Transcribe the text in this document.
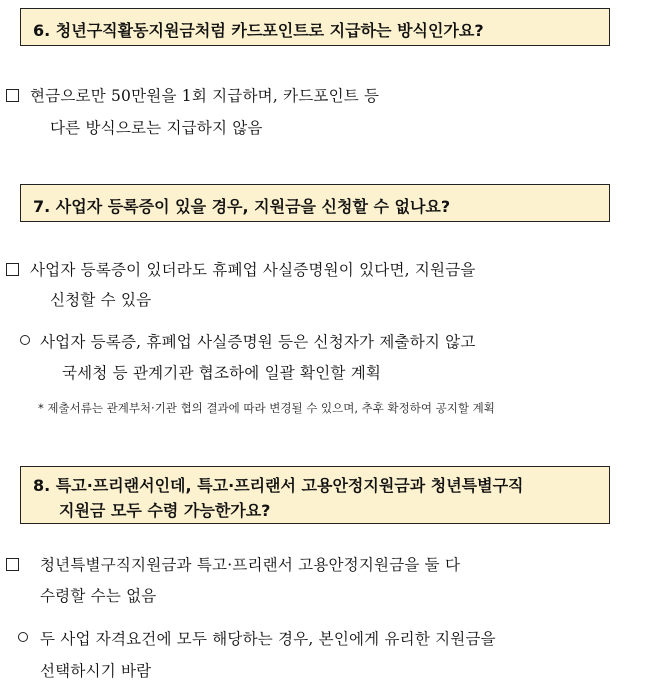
6. 청년구직활동지원금처럼 카드포인트로 지급하는 방식인가요?
현금으로만 50만원을 1회 지급하며, 카드포인트 등
다른 방식으로는 지급하지 않음
7. 사업자 등록증이 있을 경우, 지원금을 신청할 수 없나요?
사업자 등록증이 있더라도 휴폐업 사실증명원이 있다면, 지원금을
신청할 수 있음
사업자 등록증, 휴폐업 사실증명원 등은 신청자가 제출하지 않고
국세청 등 관계기관 협조하에 일괄 확인할 계획
* 제출서류는 관계부처·기관 협의 결과에 따라 변경될 수 있으며, 추후 확정하여 공지할 계획
8. 특고·프리랜서인데, 특고·프리랜서 고용안정지원금과 청년특별구직
지원금 모두 수령 가능한가요?
청년특별구직지원금과 특고·프리랜서 고용안정지원금을 둘 다
수령할 수는 없음
두 사업 자격요건에 모두 해당하는 경우, 본인에게 유리한 지원금을
선택하시기 바람
